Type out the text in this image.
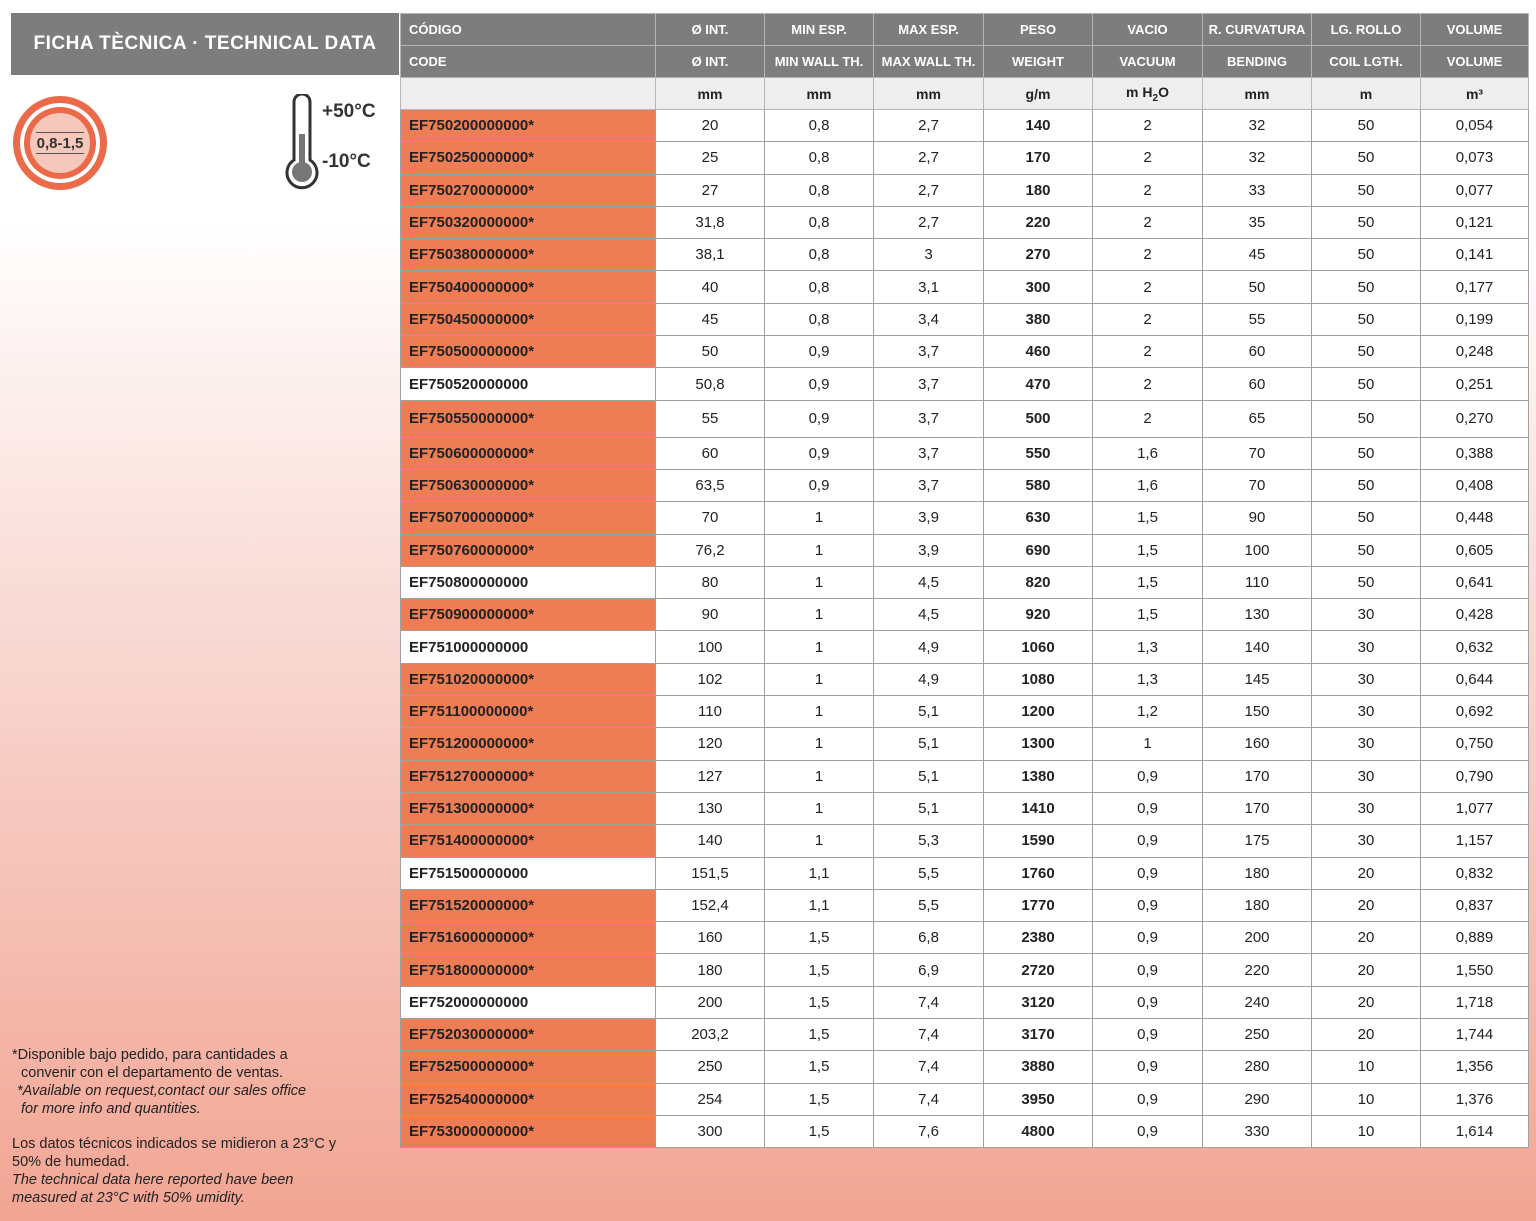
FICHA TÈCNICA · TECHNICAL DATA
0,8-1,5
+50°C
-10°C
CÓDIGO	Ø INT.	MIN ESP.	MAX ESP.	PESO	VACIO	R. CURVATURA	LG. ROLLO	VOLUME
CODE	Ø INT.	MIN WALL TH.	MAX WALL TH.	WEIGHT	VACUUM	BENDING	COIL LGTH.	VOLUME
	mm	mm	mm	g/m	m $H_2O$	mm	m	m³
EF750200000000*	20	0,8	2,7	140	2	32	50	0,054
EF750250000000*	25	0,8	2,7	170	2	32	50	0,073
EF750270000000*	27	0,8	2,7	180	2	33	50	0,077
EF750320000000*	31,8	0,8	2,7	220	2	35	50	0,121
EF750380000000*	38,1	0,8	3	270	2	45	50	0,141
EF750400000000*	40	0,8	3,1	300	2	50	50	0,177
EF750450000000*	45	0,8	3,4	380	2	55	50	0,199
EF750500000000*	50	0,9	3,7	460	2	60	50	0,248
EF750520000000	50,8	0,9	3,7	470	2	60	50	0,251
EF750550000000*	55	0,9	3,7	500	2	65	50	0,270
EF750600000000*	60	0,9	3,7	550	1,6	70	50	0,388
EF750630000000*	63,5	0,9	3,7	580	1,6	70	50	0,408
EF750700000000*	70	1	3,9	630	1,5	90	50	0,448
EF750760000000*	76,2	1	3,9	690	1,5	100	50	0,605
EF750800000000	80	1	4,5	820	1,5	110	50	0,641
EF750900000000*	90	1	4,5	920	1,5	130	30	0,428
EF751000000000	100	1	4,9	1060	1,3	140	30	0,632
EF751020000000*	102	1	4,9	1080	1,3	145	30	0,644
EF751100000000*	110	1	5,1	1200	1,2	150	30	0,692
EF751200000000*	120	1	5,1	1300	1	160	30	0,750
EF751270000000*	127	1	5,1	1380	0,9	170	30	0,790
EF751300000000*	130	1	5,1	1410	0,9	170	30	1,077
EF751400000000*	140	1	5,3	1590	0,9	175	30	1,157
EF751500000000	151,5	1,1	5,5	1760	0,9	180	20	0,832
EF751520000000*	152,4	1,1	5,5	1770	0,9	180	20	0,837
EF751600000000*	160	1,5	6,8	2380	0,9	200	20	0,889
EF751800000000*	180	1,5	6,9	2720	0,9	220	20	1,550
EF752000000000	200	1,5	7,4	3120	0,9	240	20	1,718
EF752030000000*	203,2	1,5	7,4	3170	0,9	250	20	1,744
EF752500000000*	250	1,5	7,4	3880	0,9	280	10	1,356
EF752540000000*	254	1,5	7,4	3950	0,9	290	10	1,376
EF753000000000*	300	1,5	7,6	4800	0,9	330	10	1,614
*Disponible bajo pedido, para cantidades a
convenir con el departamento de ventas.
*Available on request,contact our sales office
for more info and quantities.
Los datos técnicos indicados se midieron a 23°C y
50% de humedad.
The technical data here reported have been
measured at 23°C with 50% umidity.
